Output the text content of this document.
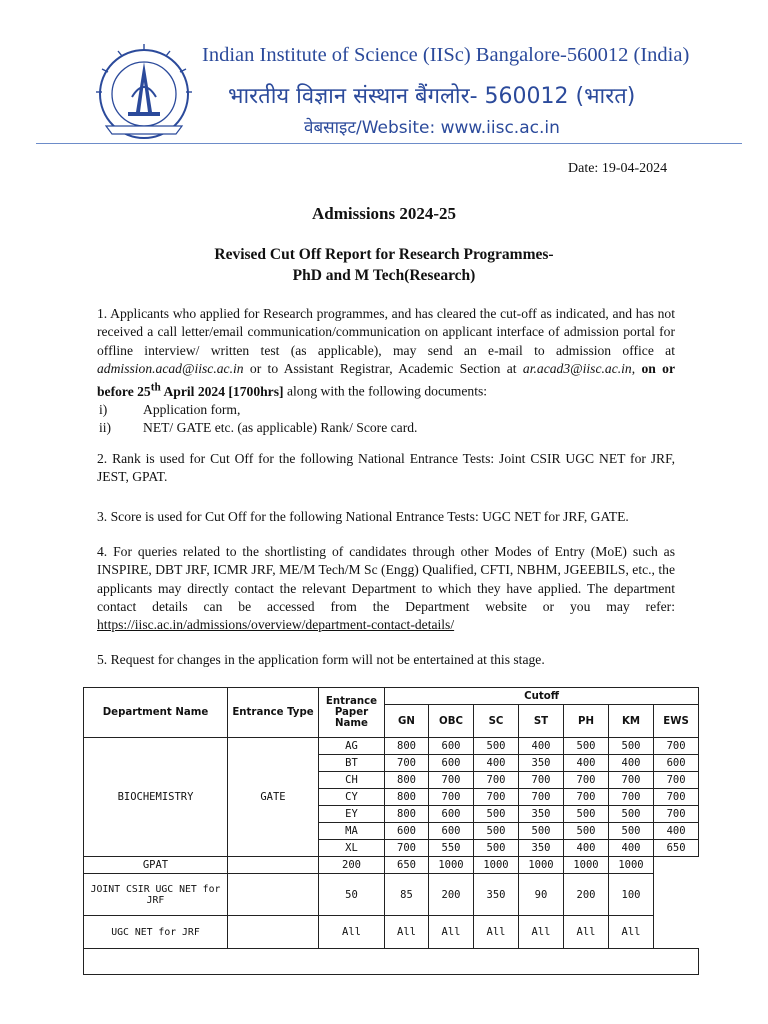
Indian Institute of Science (IISc) Bangalore-560012 (India)
भारतीय विज्ञान संस्थान बैंगलोर- 560012 (भारत)
वेबसाइट/Website: www.iisc.ac.in
Date: 19-04-2024
Admissions 2024-25
Revised Cut Off Report for Research Programmes-
PhD and M Tech(Research)
1. Applicants who applied for Research programmes, and has cleared the cut-off as indicated, and has not received a call letter/email communication/communication on applicant interface of admission portal for offline interview/ written test (as applicable), may send an e-mail to admission office at admission.acad@iisc.ac.in or to Assistant Registrar, Academic Section at ar.acad3@iisc.ac.in, on or before 25th April 2024 [1700hrs] along with the following documents:
i)	Application form,
ii) NET/ GATE etc. (as applicable) Rank/ Score card.
2. Rank is used for Cut Off for the following National Entrance Tests: Joint CSIR UGC NET for JRF, JEST, GPAT.
3. Score is used for Cut Off for the following National Entrance Tests: UGC NET for JRF, GATE.
4. For queries related to the shortlisting of candidates through other Modes of Entry (MoE) such as INSPIRE, DBT JRF, ICMR JRF, ME/M Tech/M Sc (Engg) Qualified, CFTI, NBHM, JGEEBILS, etc., the applicants may directly contact the relevant Department to which they have applied. The department contact details can be accessed from the Department website or you may refer: https://iisc.ac.in/admissions/overview/department-contact-details/
5. Request for changes in the application form will not be entertained at this stage.
Department Name	Entrance Type	Entrance Paper Name	Cutoff						
			GN	OBC	SC	ST	PH	KM	EWS
BIOCHEMISTRY	GATE	AG	800	600	500	400	500	500	700
		BT	700	600	400	350	400	400	600
		CH	800	700	700	700	700	700	700
		CY	800	700	700	700	700	700	700
		EY	800	600	500	350	500	500	700
		MA	600	600	500	500	500	500	400
		XL	700	550	500	350	400	400	650
GPAT		200	650	1000	1000	1000	1000	1000	
JOINT CSIR UGC NET for JRF		50	85	200	350	90	200	100	
UGC NET for JRF		All	All	All	All	All	All	All	
